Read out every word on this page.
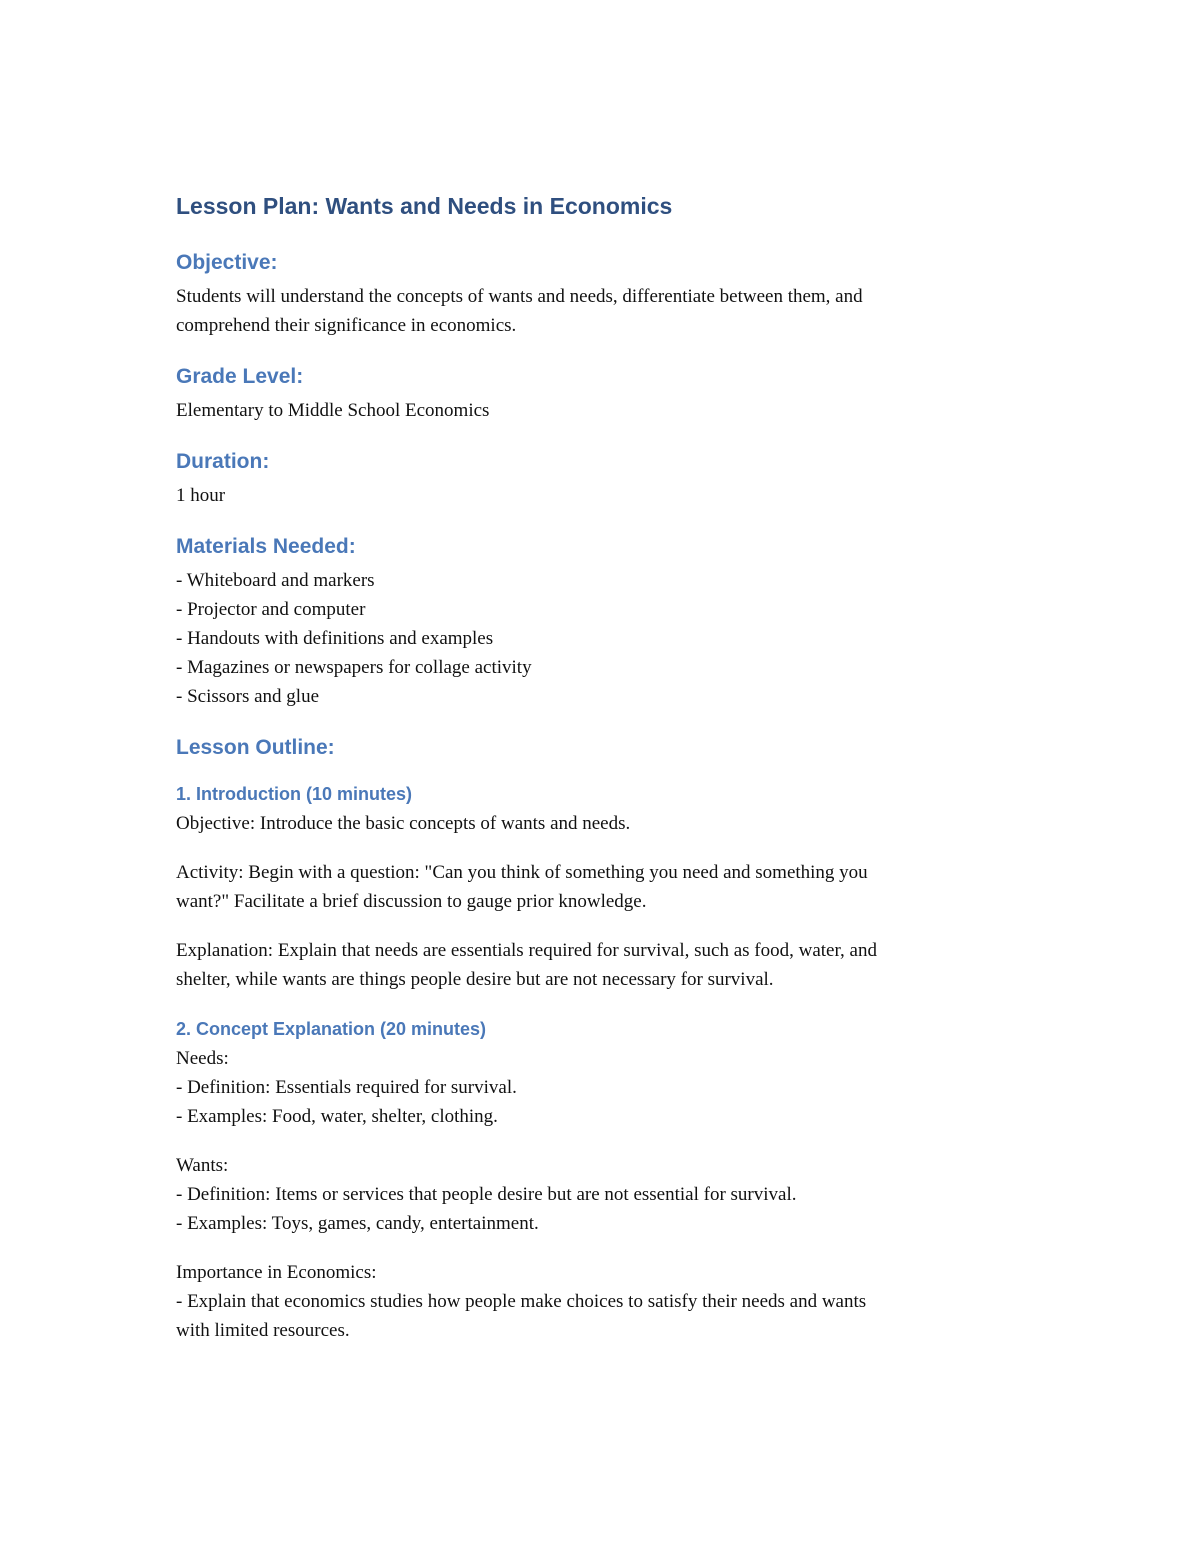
Lesson Plan: Wants and Needs in Economics
Objective:
Students will understand the concepts of wants and needs, differentiate between them, and
comprehend their significance in economics.
Grade Level:
Elementary to Middle School Economics
Duration:
1 hour
Materials Needed:
- Whiteboard and markers
- Projector and computer
- Handouts with definitions and examples
- Magazines or newspapers for collage activity
- Scissors and glue
Lesson Outline:
1. Introduction (10 minutes)
Objective: Introduce the basic concepts of wants and needs.
Activity: Begin with a question: "Can you think of something you need and something you
want?" Facilitate a brief discussion to gauge prior knowledge.
Explanation: Explain that needs are essentials required for survival, such as food, water, and
shelter, while wants are things people desire but are not necessary for survival.
2. Concept Explanation (20 minutes)
Needs:
- Definition: Essentials required for survival.
- Examples: Food, water, shelter, clothing.
Wants:
- Definition: Items or services that people desire but are not essential for survival.
- Examples: Toys, games, candy, entertainment.
Importance in Economics:
- Explain that economics studies how people make choices to satisfy their needs and wants
with limited resources.
